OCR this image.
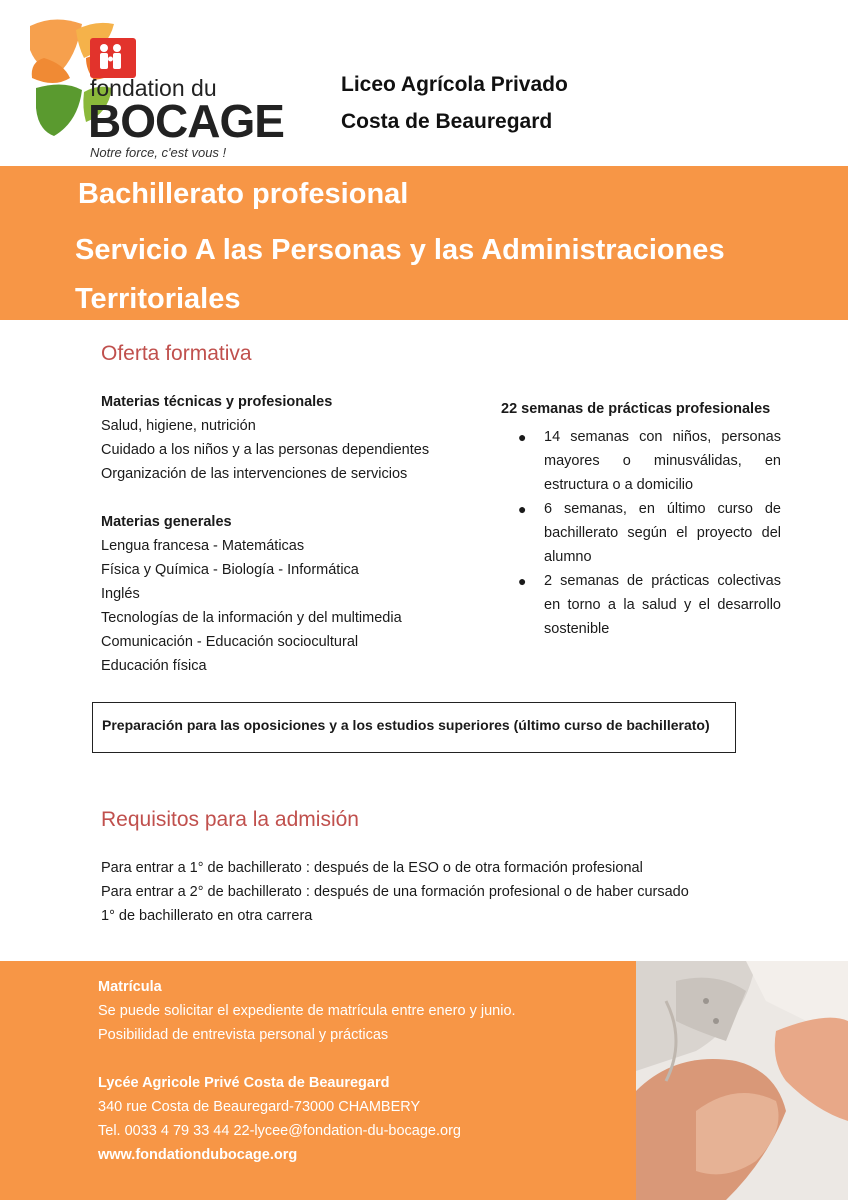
fondation du
BOCAGE
Notre force, c'est vous !
Liceo Agrícola Privado
Costa de Beauregard
Bachillerato profesional
Servicio A las Personas y las Administraciones Territoriales
Oferta formativa
Materias técnicas y profesionales
Salud, higiene, nutrición
Cuidado a los niños y a las personas dependientes
Organización de las intervenciones de servicios
Materias generales
Lengua francesa - Matemáticas
Física y Química - Biología - Informática
Inglés
Tecnologías de la información y del multimedia
Comunicación - Educación sociocultural
Educación física
22 semanas de prácticas profesionales
● 14 semanas con niños, personas mayores o minusválidas, en estructura o a domicilio
● 6 semanas, en último curso de bachillerato según el proyecto del alumno
● 2 semanas de prácticas colectivas en torno a la salud y el desarrollo sostenible
Preparación para las oposiciones y a los estudios superiores (último curso de bachillerato)
Requisitos para la admisión
Para entrar a 1° de bachillerato : después de la ESO o de otra formación profesional
Para entrar a 2° de bachillerato : después de una formación profesional o de haber cursado
1° de bachillerato en otra carrera
Matrícula
Se puede solicitar el expediente de matrícula entre enero y junio.
Posibilidad de entrevista personal y prácticas
Lycée Agricole Privé Costa de Beauregard
340 rue Costa de Beauregard-73000 CHAMBERY
Tel. 0033 4 79 33 44 22-lycee@fondation-du-bocage.org
www.fondationdubocage.org
